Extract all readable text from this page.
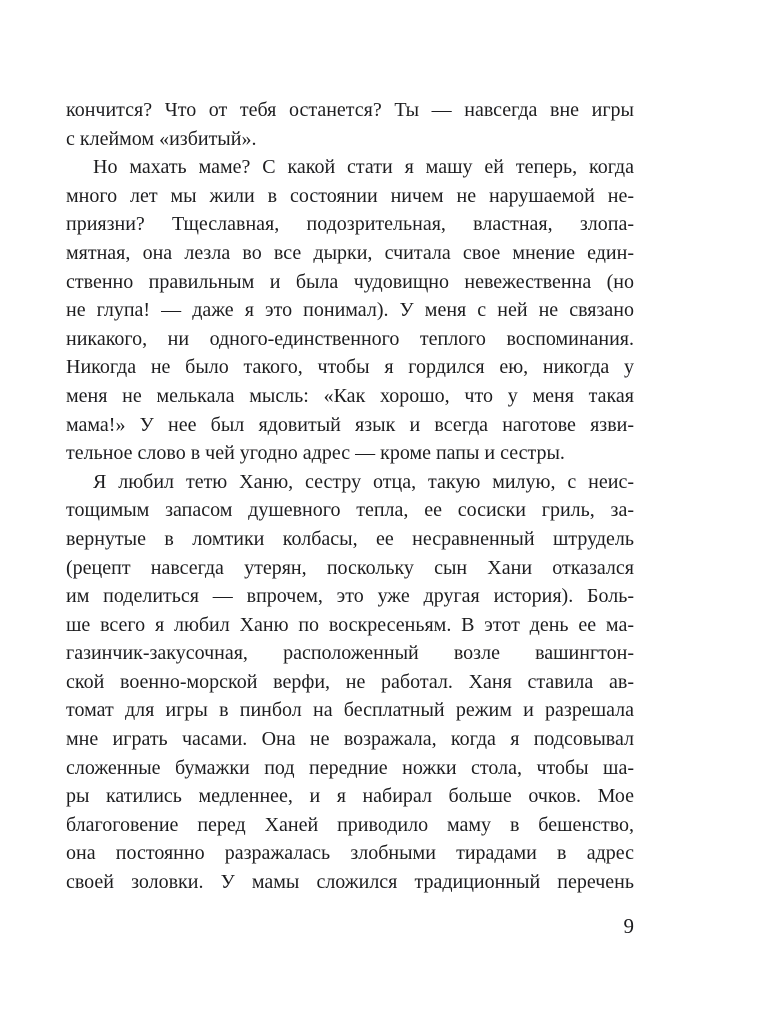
кончится? Что от тебя останется? Ты — навсегда вне игры
с клеймом «избитый».
Но махать маме? С какой стати я машу ей теперь, когда
много лет мы жили в состоянии ничем не нарушаемой не-
приязни? Тщеславная, подозрительная, властная, злопа-
мятная, она лезла во все дырки, считала свое мнение един-
ственно правильным и была чудовищно невежественна (но
не глупа! — даже я это понимал). У меня с ней не связано
никакого, ни одного-единственного теплого воспоминания.
Никогда не было такого, чтобы я гордился ею, никогда у
меня не мелькала мысль: «Как хорошо, что у меня такая
мама!» У нее был ядовитый язык и всегда наготове язви-
тельное слово в чей угодно адрес — кроме папы и сестры.
Я любил тетю Ханю, сестру отца, такую милую, с неис-
тощимым запасом душевного тепла, ее сосиски гриль, за-
вернутые в ломтики колбасы, ее несравненный штрудель
(рецепт навсегда утерян, поскольку сын Хани отказался
им поделиться — впрочем, это уже другая история). Боль-
ше всего я любил Ханю по воскресеньям. В этот день ее ма-
газинчик-закусочная, расположенный возле вашингтон-
ской военно-морской верфи, не работал. Ханя ставила ав-
томат для игры в пинбол на бесплатный режим и разрешала
мне играть часами. Она не возражала, когда я подсовывал
сложенные бумажки под передние ножки стола, чтобы ша-
ры катились медленнее, и я набирал больше очков. Мое
благоговение перед Ханей приводило маму в бешенство,
она постоянно разражалась злобными тирадами в адрес
своей золовки. У мамы сложился традиционный перечень
9
